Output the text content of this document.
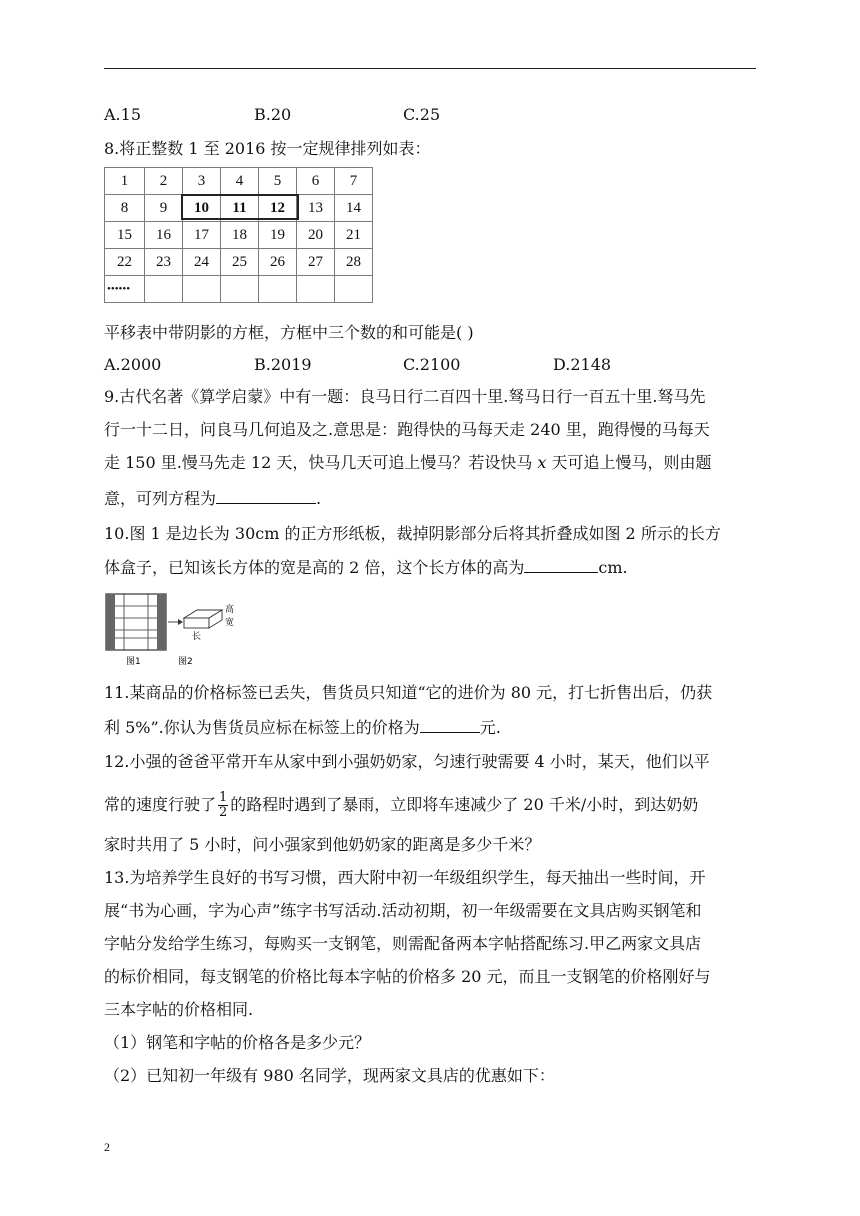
A.15	B.20	C.25
8.将正整数 1 至 2016 按一定规律排列如表：
1	2	3	4	5	6	7
8	9	10	11	12	13	14
15	16	17	18	19	20	21
22	23	24	25	26	27	28
••••••						
平移表中带阴影的方框，方框中三个数的和可能是( )
A.2000	B.2019	C.2100	D.2148
9.古代名著《算学启蒙》中有一题：良马日行二百四十里.驽马日行一百五十里.驽马先
行一十二日，问良马几何追及之.意思是：跑得快的马每天走 240 里，跑得慢的马每天
走 150 里.慢马先走 12 天，快马几天可追上慢马？若设快马 x 天可追上慢马，则由题
意，可列方程为	.
10.图 1 是边长为 30cm 的正方形纸板，裁掉阴影部分后将其折叠成如图 2 所示的长方
体盒子，已知该长方体的宽是高的 2 倍，这个长方体的高为	cm.
高
宽
长
图1	图2
11.某商品的价格标签已丢失，售货员只知道“它的进价为 80 元，打七折售出后，仍获
利 5%”.你认为售货员应标在标签上的价格为	元.
12.小强的爸爸平常开车从家中到小强奶奶家，匀速行驶需要 4 小时，某天，他们以平
常的速度行驶了 $\frac{1}{2}$ 的路程时遇到了暴雨，立即将车速减少了 20 千米/小时，到达奶奶
家时共用了 5 小时，问小强家到他奶奶家的距离是多少千米？
13.为培养学生良好的书写习惯，西大附中初一年级组织学生，每天抽出一些时间，开
展“书为心画，字为心声”练字书写活动.活动初期，初一年级需要在文具店购买钢笔和
字帖分发给学生练习，每购买一支钢笔，则需配备两本字帖搭配练习.甲乙两家文具店
的标价相同，每支钢笔的价格比每本字帖的价格多 20 元，而且一支钢笔的价格刚好与
三本字帖的价格相同.
（1）钢笔和字帖的价格各是多少元？
（2）已知初一年级有 980 名同学，现两家文具店的优惠如下：
2
